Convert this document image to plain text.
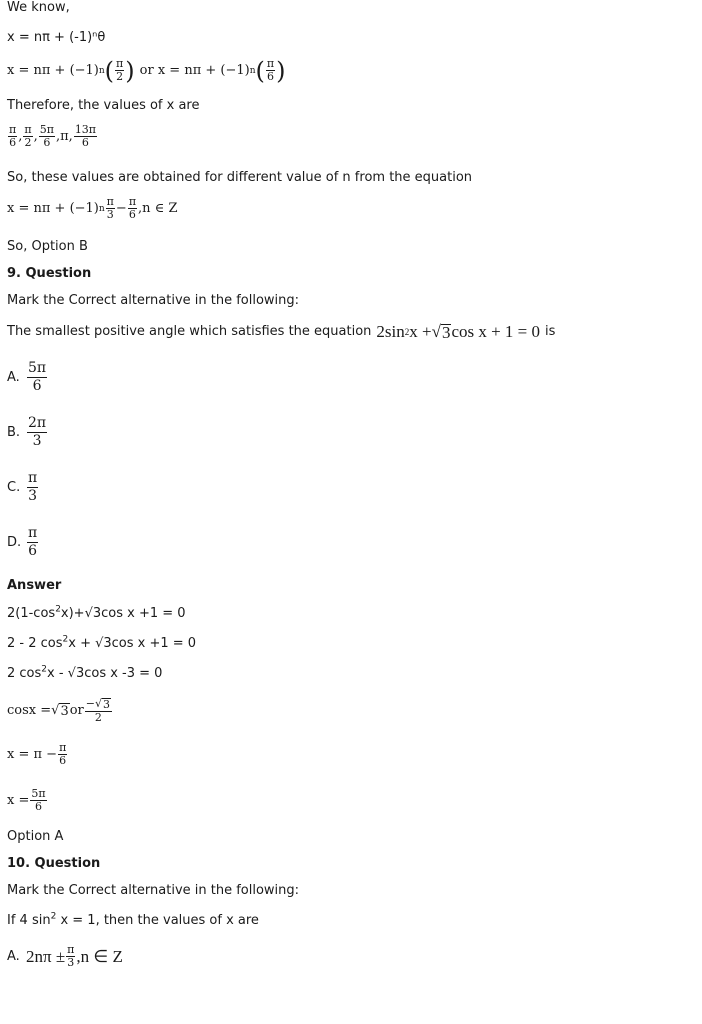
We know,
x = nπ + (-1)ⁿθ
x = nπ + (−1) n ( $\frac{\pi}{2}$ ) or x = nπ + (−1) n ( $\frac{\pi}{6}$ )
Therefore, the values of x are
$\frac{\pi}{6}$ , $\frac{\pi}{2}$ , $\frac{5\pi}{6}$ , π, $\frac{13\pi}{6}$
So, these values are obtained for different value of n from the equation
x = nπ + (−1) n $\frac{\pi}{3} - \frac{\pi}{6} ,n$ ∈ Z
So, Option B
9. Question
Mark the Correct alternative in the following:
The smallest positive angle which satisfies the equation 2sin 2 x + √ 3 cos x + 1 = 0 is
A. $\frac{5\pi}{6}$
B. $\frac{2\pi}{3}$
C. $\frac{\pi}{3}$
D. $\frac{\pi}{6}$
Answer
$2(1-\cos^2x)+√3\cos$ x +1 = 0
2 - 2 $\cos^2x + √3\cos$ x +1 = 0
2 $\cos^2x - √3\cos$ x -3 = 0
cosx = √ 3 or $\frac{- √ 3}{2}$
$x = \pi - \frac{\pi}{6}$
$x = \frac{5\pi}{6}$
Option A
10. Question
Mark the Correct alternative in the following:
If 4 $\sin^2 x = 1$, then the values of x are
A. $2n\pi \pm \frac{\pi}{3} ,n$ ∈ Z
